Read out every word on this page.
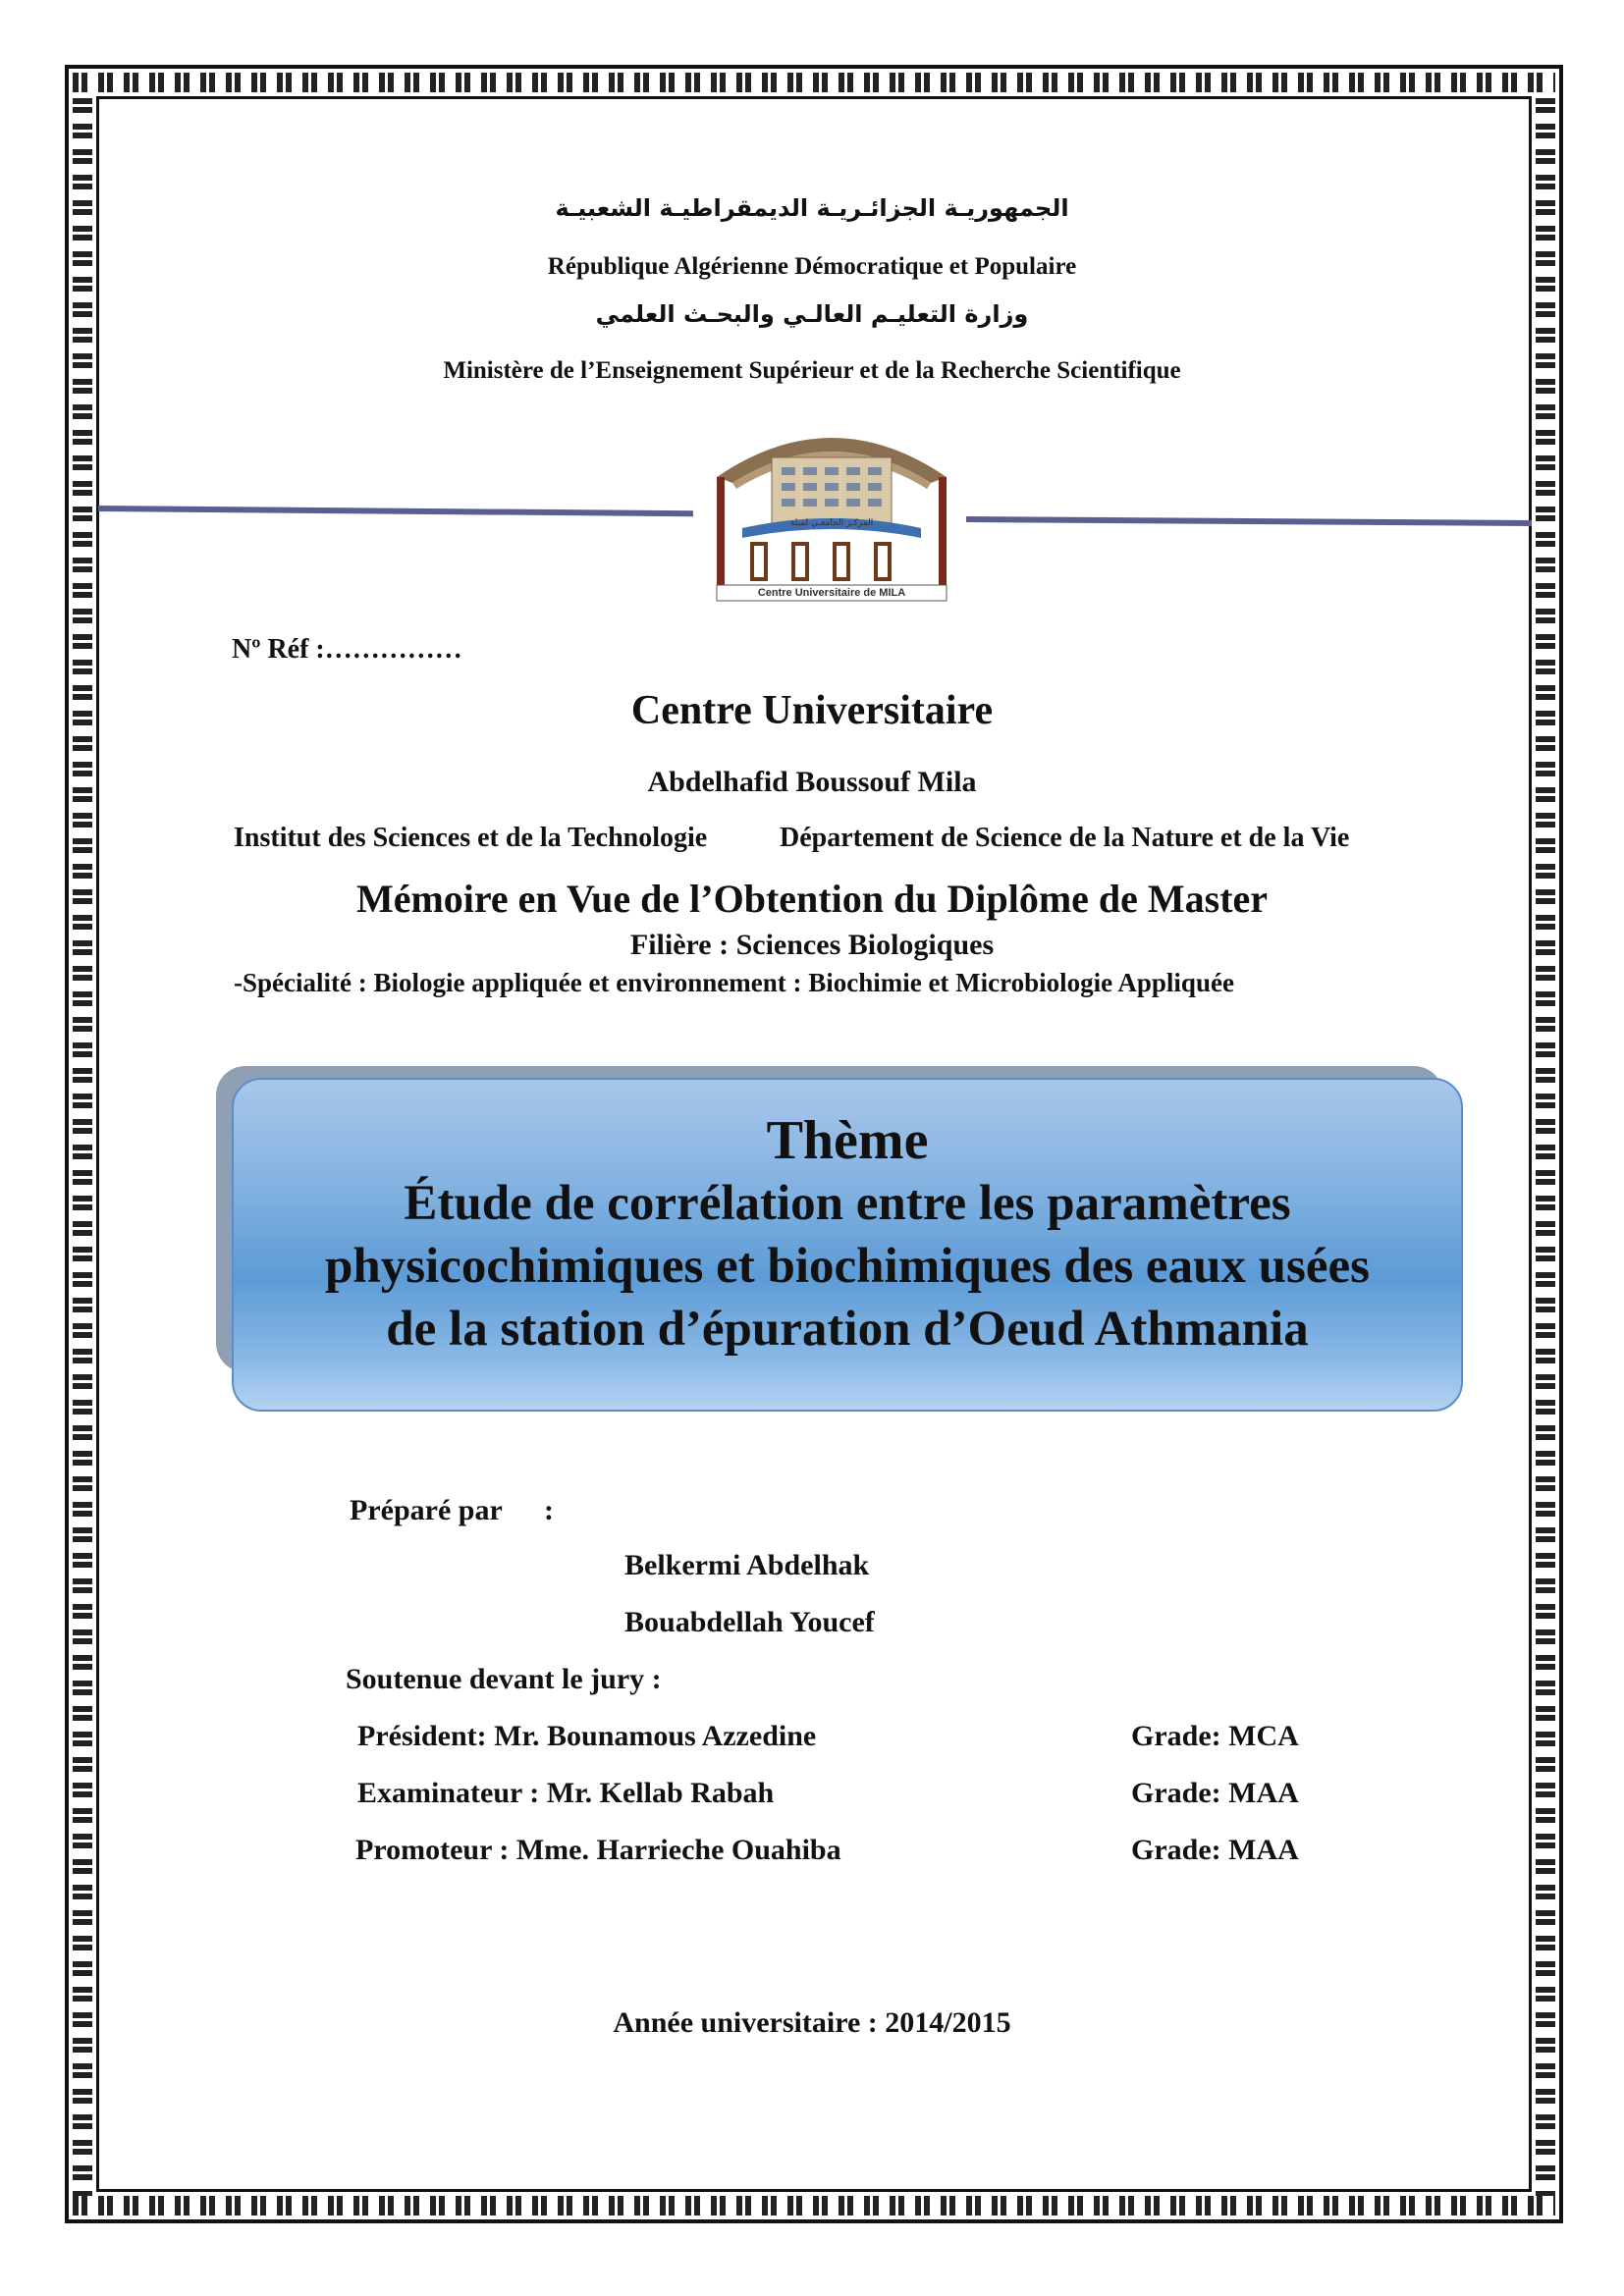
الجمهوريـة الجزائـريـة الديمقراطيـة الشعبيـة
République Algérienne Démocratique et Populaire
وزارة التعليـم العالـي والبحـث العلمي
Ministère de l’Enseignement Supérieur et de la Recherche Scientifique
المركـز الجامعـي لميلة
Centre Universitaire de MILA
Nº Réf :……………
Centre Universitaire
Abdelhafid Boussouf Mila
Institut des Sciences et de la Technologie	Département de Science de la Nature et de la Vie
Mémoire en Vue de l’Obtention du Diplôme de Master
Filière : Sciences Biologiques
-Spécialité : Biologie appliquée et environnement : Biochimie et Microbiologie Appliquée
Thème
Étude de corrélation entre les paramètres
physicochimiques et biochimiques des eaux usées
de la station d’épuration d’Oeud Athmania
Préparé par :
Belkermi Abdelhak
Bouabdellah Youcef
Soutenue devant le jury :
Président: Mr. Bounamous Azzedine	Grade: MCA
Examinateur : Mr. Kellab Rabah	Grade: MAA
Promoteur : Mme. Harrieche Ouahiba	Grade: MAA
Année universitaire : 2014/2015
